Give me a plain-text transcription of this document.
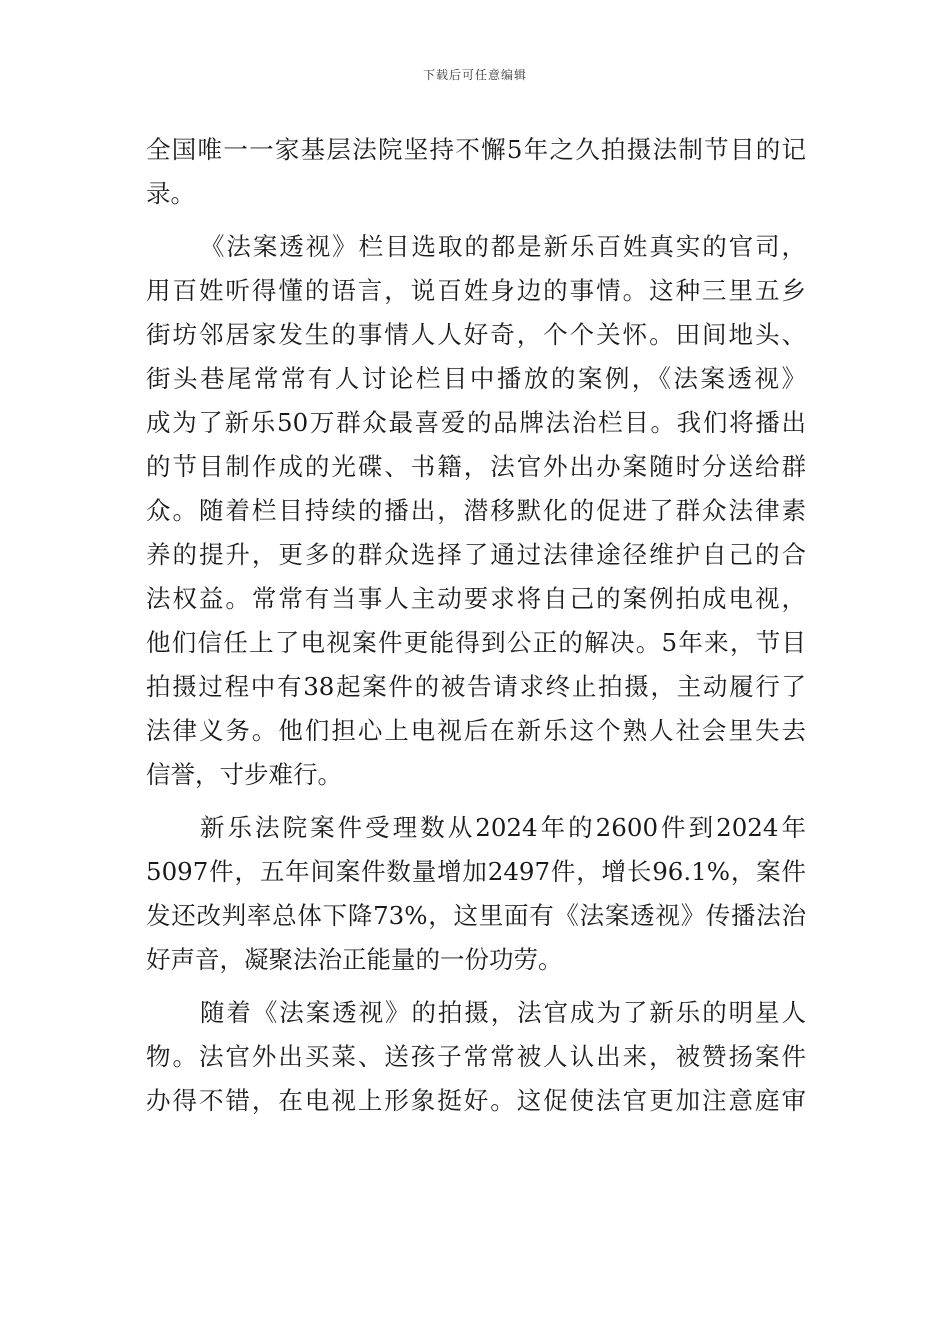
下载后可任意编辑
全国唯一一家基层法院坚持不懈5年之久拍摄法制节目的记
录。
《法案透视》栏目选取的都是新乐百姓真实的官司，
用百姓听得懂的语言，说百姓身边的事情。这种三里五乡
街坊邻居家发生的事情人人好奇，个个关怀。田间地头、
街头巷尾常常有人讨论栏目中播放的案例，《法案透视》
成为了新乐50万群众最喜爱的品牌法治栏目。我们将播出
的节目制作成的光碟、书籍，法官外出办案随时分送给群
众。随着栏目持续的播出，潜移默化的促进了群众法律素
养的提升，更多的群众选择了通过法律途径维护自己的合
法权益。常常有当事人主动要求将自己的案例拍成电视，
他们信任上了电视案件更能得到公正的解决。5年来，节目
拍摄过程中有38起案件的被告请求终止拍摄，主动履行了
法律义务。他们担心上电视后在新乐这个熟人社会里失去
信誉，寸步难行。
新乐法院案件受理数从2024年的2600件到2024年
5097件，五年间案件数量增加2497件，增长96.1%，案件
发还改判率总体下降73%，这里面有《法案透视》传播法治
好声音，凝聚法治正能量的一份功劳。
随着《法案透视》的拍摄，法官成为了新乐的明星人
物。法官外出买菜、送孩子常常被人认出来，被赞扬案件
办得不错，在电视上形象挺好。这促使法官更加注意庭审
